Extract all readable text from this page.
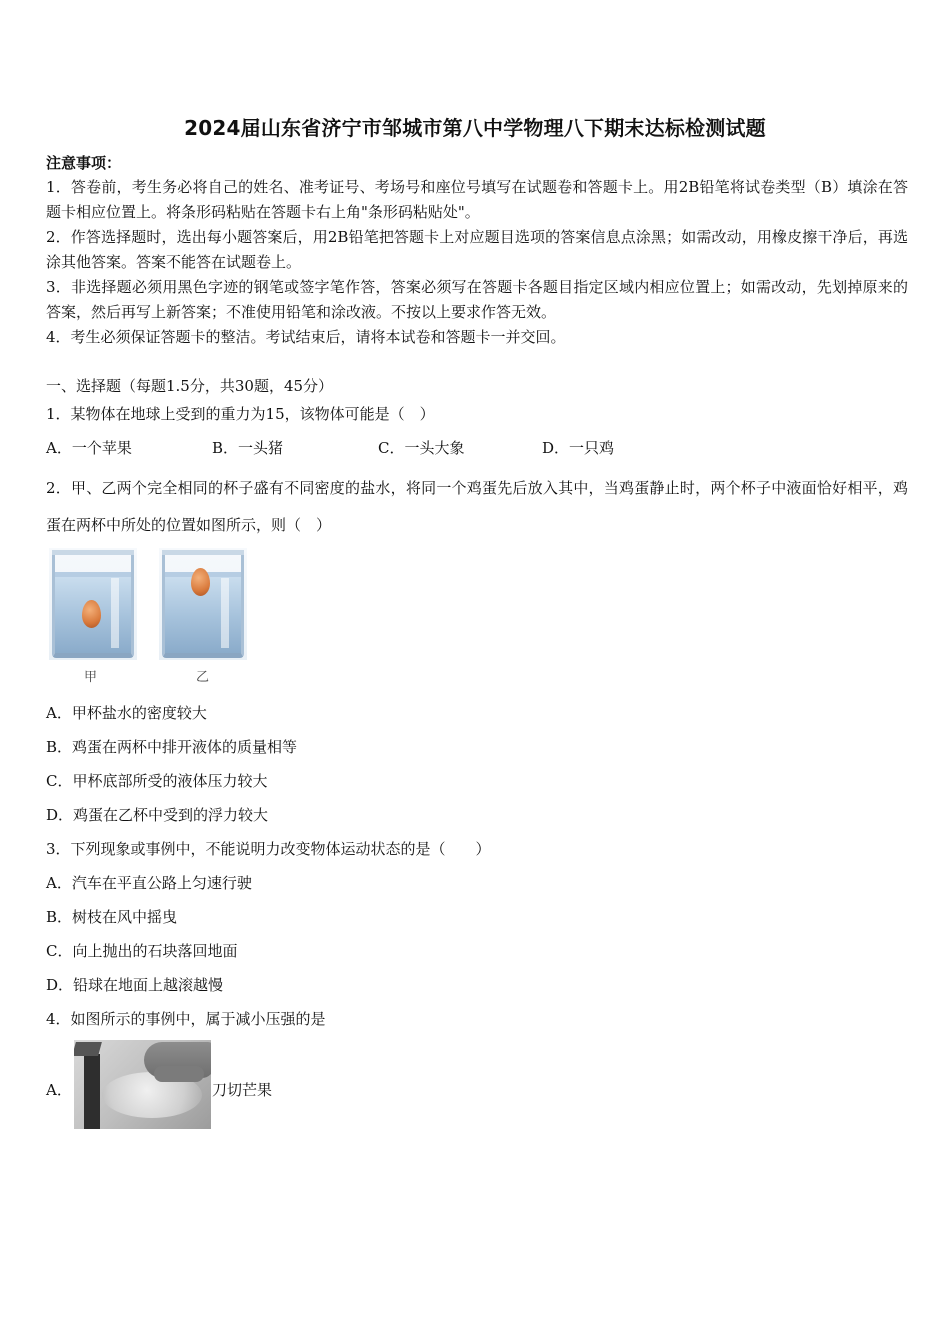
2024届山东省济宁市邹城市第八中学物理八下期末达标检测试题
注意事项：
1．答卷前，考生务必将自己的姓名、准考证号、考场号和座位号填写在试题卷和答题卡上。用2B铅笔将试卷类型（B）填涂在答题卡相应位置上。将条形码粘贴在答题卡右上角"条形码粘贴处"。
2．作答选择题时，选出每小题答案后，用2B铅笔把答题卡上对应题目选项的答案信息点涂黑；如需改动，用橡皮擦干净后，再选涂其他答案。答案不能答在试题卷上。
3．非选择题必须用黑色字迹的钢笔或签字笔作答，答案必须写在答题卡各题目指定区域内相应位置上；如需改动，先划掉原来的答案，然后再写上新答案；不准使用铅笔和涂改液。不按以上要求作答无效。
4．考生必须保证答题卡的整洁。考试结束后，请将本试卷和答题卡一并交回。
一、选择题（每题1.5分，共30题，45分）
1．某物体在地球上受到的重力为15，该物体可能是（　）
A．一个苹果	B．一头猪	C．一头大象	D．一只鸡
2．甲、乙两个完全相同的杯子盛有不同密度的盐水，将同一个鸡蛋先后放入其中，当鸡蛋静止时，两个杯子中液面恰好相平，鸡蛋在两杯中所处的位置如图所示，则（　）
甲	乙
A．甲杯盐水的密度较大
B．鸡蛋在两杯中排开液体的质量相等
C．甲杯底部所受的液体压力较大
D．鸡蛋在乙杯中受到的浮力较大
3．下列现象或事例中，不能说明力改变物体运动状态的是（　　）
A．汽车在平直公路上匀速行驶
B．树枝在风中摇曳
C．向上抛出的石块落回地面
D．铅球在地面上越滚越慢
4．如图所示的事例中，属于减小压强的是
A．	刀切芒果
